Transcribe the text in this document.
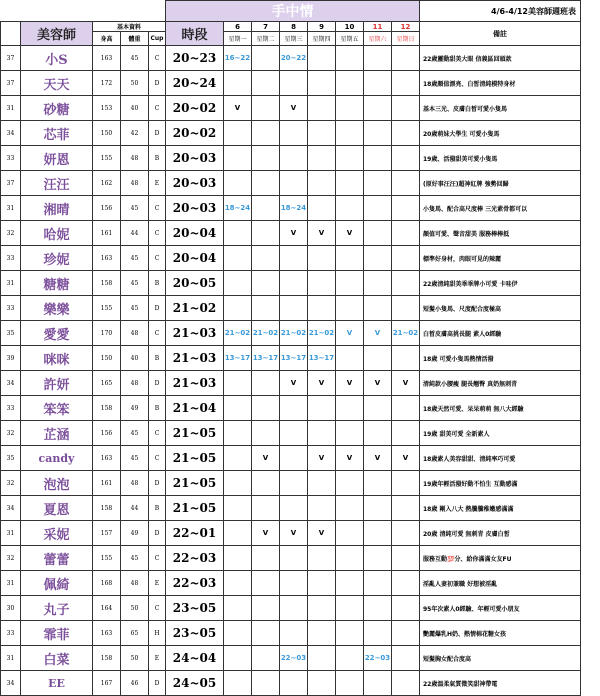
					手中情								4/6-4/12美容師週班表
	美容師	基本資料			時段	6	7	8	9	10	11	12	備註
		身高	體重	Cup		星期一	星期二	星期三	星期四	星期五	星期六	星期日	
37	小S	163	45	C	20~23	16~22		20~22					22歲靈動甜美大眼 信義區回頭款
37	天天	172	50	D	20~24								18歲顏值漂亮、白皙清純模特身材
31	砂糖	153	40	C	20~02	V		V					基本三光、皮膚白皙可愛小隻馬
34	芯菲	150	42	D	20~02								20歲萌妹大學生 可愛小隻馬
33	妍恩	155	48	B	20~03								19歲、活潑甜美可愛小隻馬
37	汪汪	162	48	E	20~03								(原好事汪汪)超神紅牌 強勢回歸
31	湘晴	156	45	C	20~03	18~24		18~24					小隻馬、配合高尺度棒 三光素骨都可以
32	哈妮	161	44	C	20~04			V	V	V			顏值可愛、聲音甜美 服務棒棒抵
33	珍妮	163	45	C	20~04								標準好身材，肉眼可見的辣麗
31	糖糖	158	45	B	20~05								22歲清純甜美乖乖牌小可愛 卡哇伊
33	樂樂	155	45	D	21~02								短髮小隻馬、尺度配合度極高
35	愛愛	170	48	C	21~03	21~02	21~02	21~02	21~02	V	V	21~02	白皙皮膚高挑長腿 素人0經驗
39	咪咪	150	40	B	21~03	13~17	13~17	13~17	13~17				18歲 可愛小隻馬熱情活潑
34	許妍	165	48	D	21~03			V	V	V	V	V	清純款小腰瘦 腿長翹臀 真奶無刺青
33	笨笨	158	49	B	21~04								18歲天然可愛、呆呆萌萌 無八大經驗
32	芷涵	156	45	C	21~05								19歲 甜美可愛 全新素人
35	candy	163	45	C	21~05		V		V	V	V	V	18歲素人美容甜甜、清純率巧可愛
32	泡泡	161	48	D	21~05								19歲年輕活潑好動不怕生 互動感滿
34	夏恩	158	44	B	21~05								18歲 剛入八大 熱騰騰稚嫩感滿滿
31	采妮	157	49	D	22~01		V	V	V				20歲 清純可愛 無刺青 皮膚白皙
32	蕾蕾	155	45	C	22~03								服務互動💯分、給你滿滿女友FU
31	佩綺	168	48	E	22~03								淫亂人妻初兼職 好想被淫亂
30	丸子	164	50	C	23~05								95年次素人0經驗、年輕可愛小朋友
33	霏菲	163	65	H	23~05								艷麗爆乳H奶、熱情棉花糖女孩
31	白菜	158	50	E	24~04			22~03			22~03		短髮胸女配合度高
34	EE	167	46	D	24~05								22歲溫柔氣質微笑甜神帶電
